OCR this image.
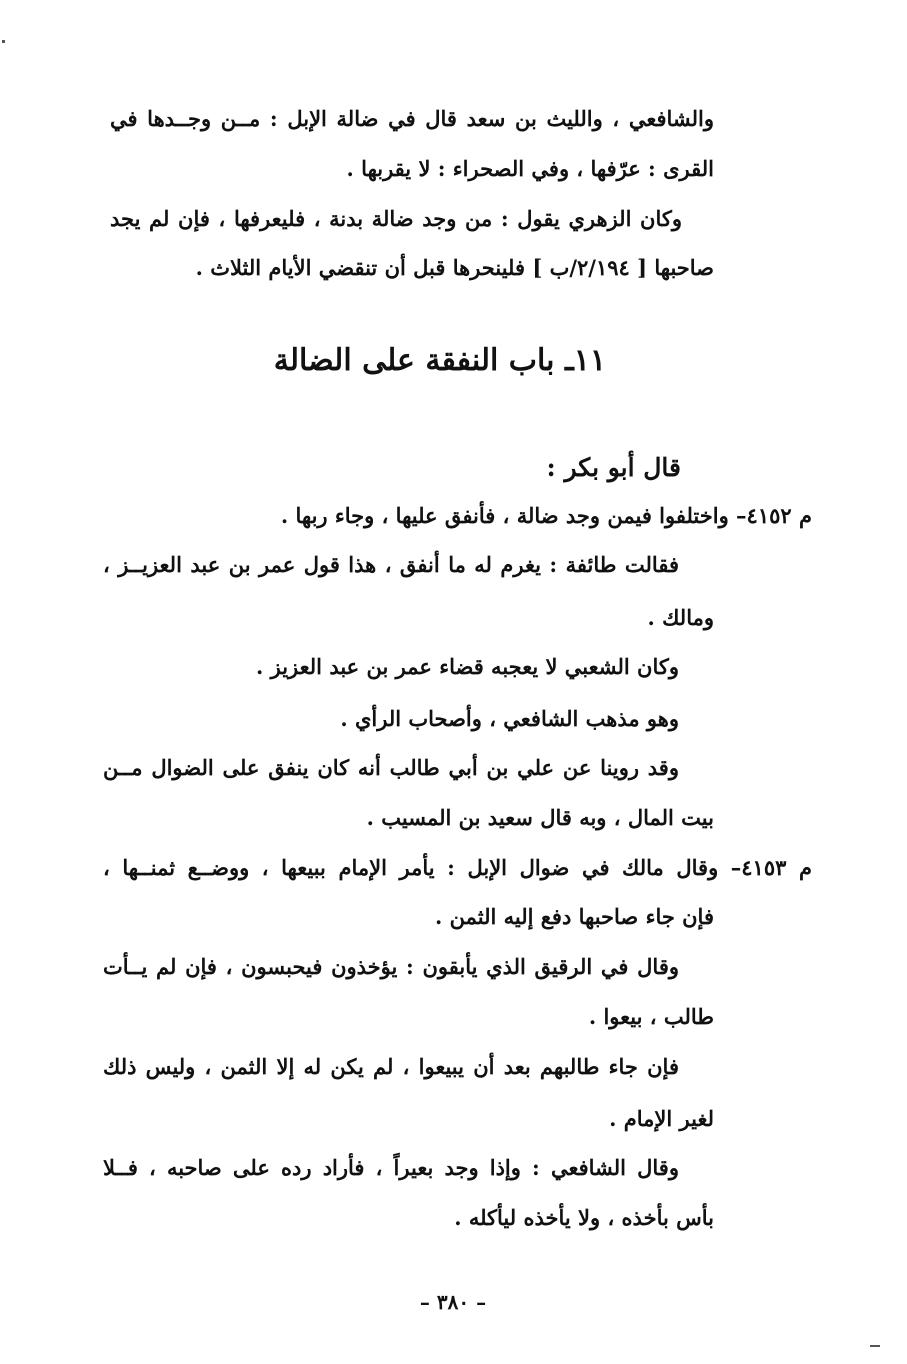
والشافعي ، والليث بن سعد قال في ضالة الإبل : مــن وجــدها في
القرى : عرّفها ، وفي الصحراء : لا يقربها .
وكان الزهري يقول : من وجد ضالة بدنة ، فليعرفها ، فإن لم يجد
صاحبها [ ٢/١٩٤/ب ] فلينحرها قبل أن تنقضي الأيام الثلاث .
١١ـ باب النفقة على الضالة
قال أبو بكر :
م ٤١٥٢– واختلفوا فيمن وجد ضالة ، فأنفق عليها ، وجاء ربها .
فقالت طائفة : يغرم له ما أنفق ، هذا قول عمر بن عبد العزيــز ،
ومالك .
وكان الشعبي لا يعجبه قضاء عمر بن عبد العزيز .
وهو مذهب الشافعي ، وأصحاب الرأي .
وقد روينا عن علي بن أبي طالب أنه كان ينفق على الضوال مــن
بيت المال ، وبه قال سعيد بن المسيب .
م ٤١٥٣– وقال مالك في ضوال الإبل : يأمر الإمام ببيعها ، ووضــع ثمنــها ،
فإن جاء صاحبها دفع إليه الثمن .
وقال في الرقيق الذي يأبقون : يؤخذون فيحبسون ، فإن لم يــأت
طالب ، بيعوا .
فإن جاء طالبهم بعد أن يبيعوا ، لم يكن له إلا الثمن ، وليس ذلك
لغير الإمام .
وقال الشافعي : وإذا وجد بعيراً ، فأراد رده على صاحبه ، فــلا
بأس بأخذه ، ولا يأخذه ليأكله .
– ٣٨٠ –
